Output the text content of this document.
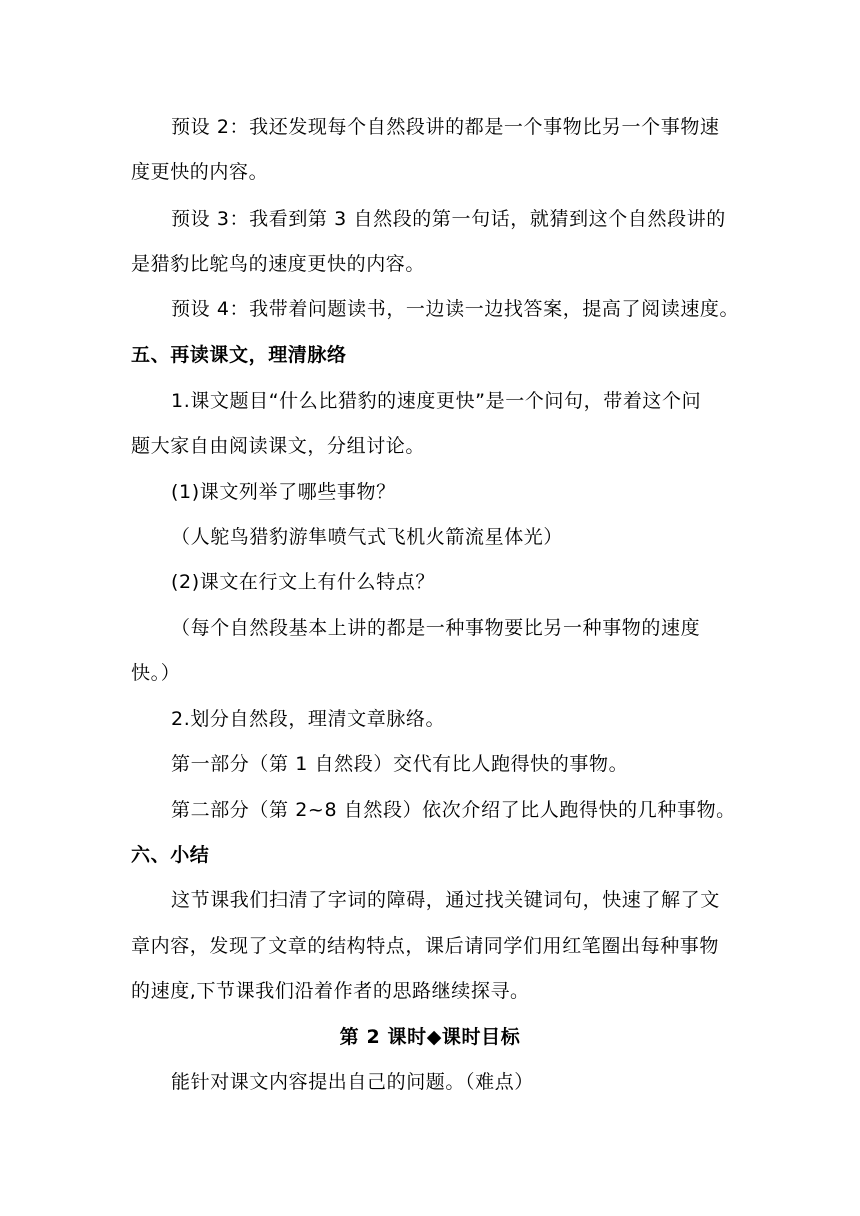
预设 2：我还发现每个自然段讲的都是一个事物比另一个事物速
度更快的内容。
预设 3：我看到第 3 自然段的第一句话，就猜到这个自然段讲的
是猎豹比鸵鸟的速度更快的内容。
预设 4：我带着问题读书，一边读一边找答案，提高了阅读速度。
五、再读课文，理清脉络
1.课文题目“什么比猎豹的速度更快”是一个问句，带着这个问
题大家自由阅读课文，分组讨论。
(1)课文列举了哪些事物？
（人鸵鸟猎豹游隼喷气式飞机火箭流星体光）
(2)课文在行文上有什么特点？
（每个自然段基本上讲的都是一种事物要比另一种事物的速度
快。）
2.划分自然段，理清文章脉络。
第一部分（第 1 自然段）交代有比人跑得快的事物。
第二部分（第 2~8 自然段）依次介绍了比人跑得快的几种事物。
六、小结
这节课我们扫清了字词的障碍，通过找关键词句，快速了解了文
章内容，发现了文章的结构特点，课后请同学们用红笔圈出每种事物
的速度,下节课我们沿着作者的思路继续探寻。
第 2 课时◆课时目标
能针对课文内容提出自己的问题。（难点）
